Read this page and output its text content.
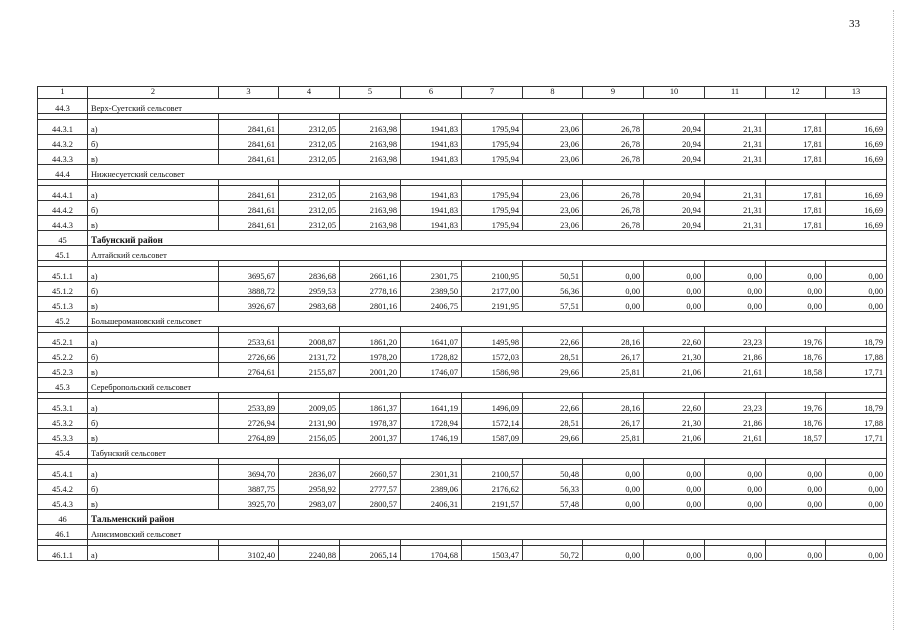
33
1	2	3	4	5	6	7	8	9	10	11	12	13
44.3	Верх-Суетский сельсовет											

44.3.1	а)	2841,61	2312,05	2163,98	1941,83	1795,94	23,06	26,78	20,94	21,31	17,81	16,69
44.3.2	б)	2841,61	2312,05	2163,98	1941,83	1795,94	23,06	26,78	20,94	21,31	17,81	16,69
44.3.3	в)	2841,61	2312,05	2163,98	1941,83	1795,94	23,06	26,78	20,94	21,31	17,81	16,69
44.4	Нижнесуетский сельсовет											

44.4.1	а)	2841,61	2312,05	2163,98	1941,83	1795,94	23,06	26,78	20,94	21,31	17,81	16,69
44.4.2	б)	2841,61	2312,05	2163,98	1941,83	1795,94	23,06	26,78	20,94	21,31	17,81	16,69
44.4.3	в)	2841,61	2312,05	2163,98	1941,83	1795,94	23,06	26,78	20,94	21,31	17,81	16,69
45	Табунский район											
45.1	Алтайский сельсовет											

45.1.1	а)	3695,67	2836,68	2661,16	2301,75	2100,95	50,51	0,00	0,00	0,00	0,00	0,00
45.1.2	б)	3888,72	2959,53	2778,16	2389,50	2177,00	56,36	0,00	0,00	0,00	0,00	0,00
45.1.3	в)	3926,67	2983,68	2801,16	2406,75	2191,95	57,51	0,00	0,00	0,00	0,00	0,00
45.2	Большеромановский сельсовет											

45.2.1	а)	2533,61	2008,87	1861,20	1641,07	1495,98	22,66	28,16	22,60	23,23	19,76	18,79
45.2.2	б)	2726,66	2131,72	1978,20	1728,82	1572,03	28,51	26,17	21,30	21,86	18,76	17,88
45.2.3	в)	2764,61	2155,87	2001,20	1746,07	1586,98	29,66	25,81	21,06	21,61	18,58	17,71
45.3	Серебропольский сельсовет											

45.3.1	а)	2533,89	2009,05	1861,37	1641,19	1496,09	22,66	28,16	22,60	23,23	19,76	18,79
45.3.2	б)	2726,94	2131,90	1978,37	1728,94	1572,14	28,51	26,17	21,30	21,86	18,76	17,88
45.3.3	в)	2764,89	2156,05	2001,37	1746,19	1587,09	29,66	25,81	21,06	21,61	18,57	17,71
45.4	Табунский сельсовет											

45.4.1	а)	3694,70	2836,07	2660,57	2301,31	2100,57	50,48	0,00	0,00	0,00	0,00	0,00
45.4.2	б)	3887,75	2958,92	2777,57	2389,06	2176,62	56,33	0,00	0,00	0,00	0,00	0,00
45.4.3	в)	3925,70	2983,07	2800,57	2406,31	2191,57	57,48	0,00	0,00	0,00	0,00	0,00
46	Тальменский район											
46.1	Анисимовский сельсовет											

46.1.1	а)	3102,40	2240,88	2065,14	1704,68	1503,47	50,72	0,00	0,00	0,00	0,00	0,00
